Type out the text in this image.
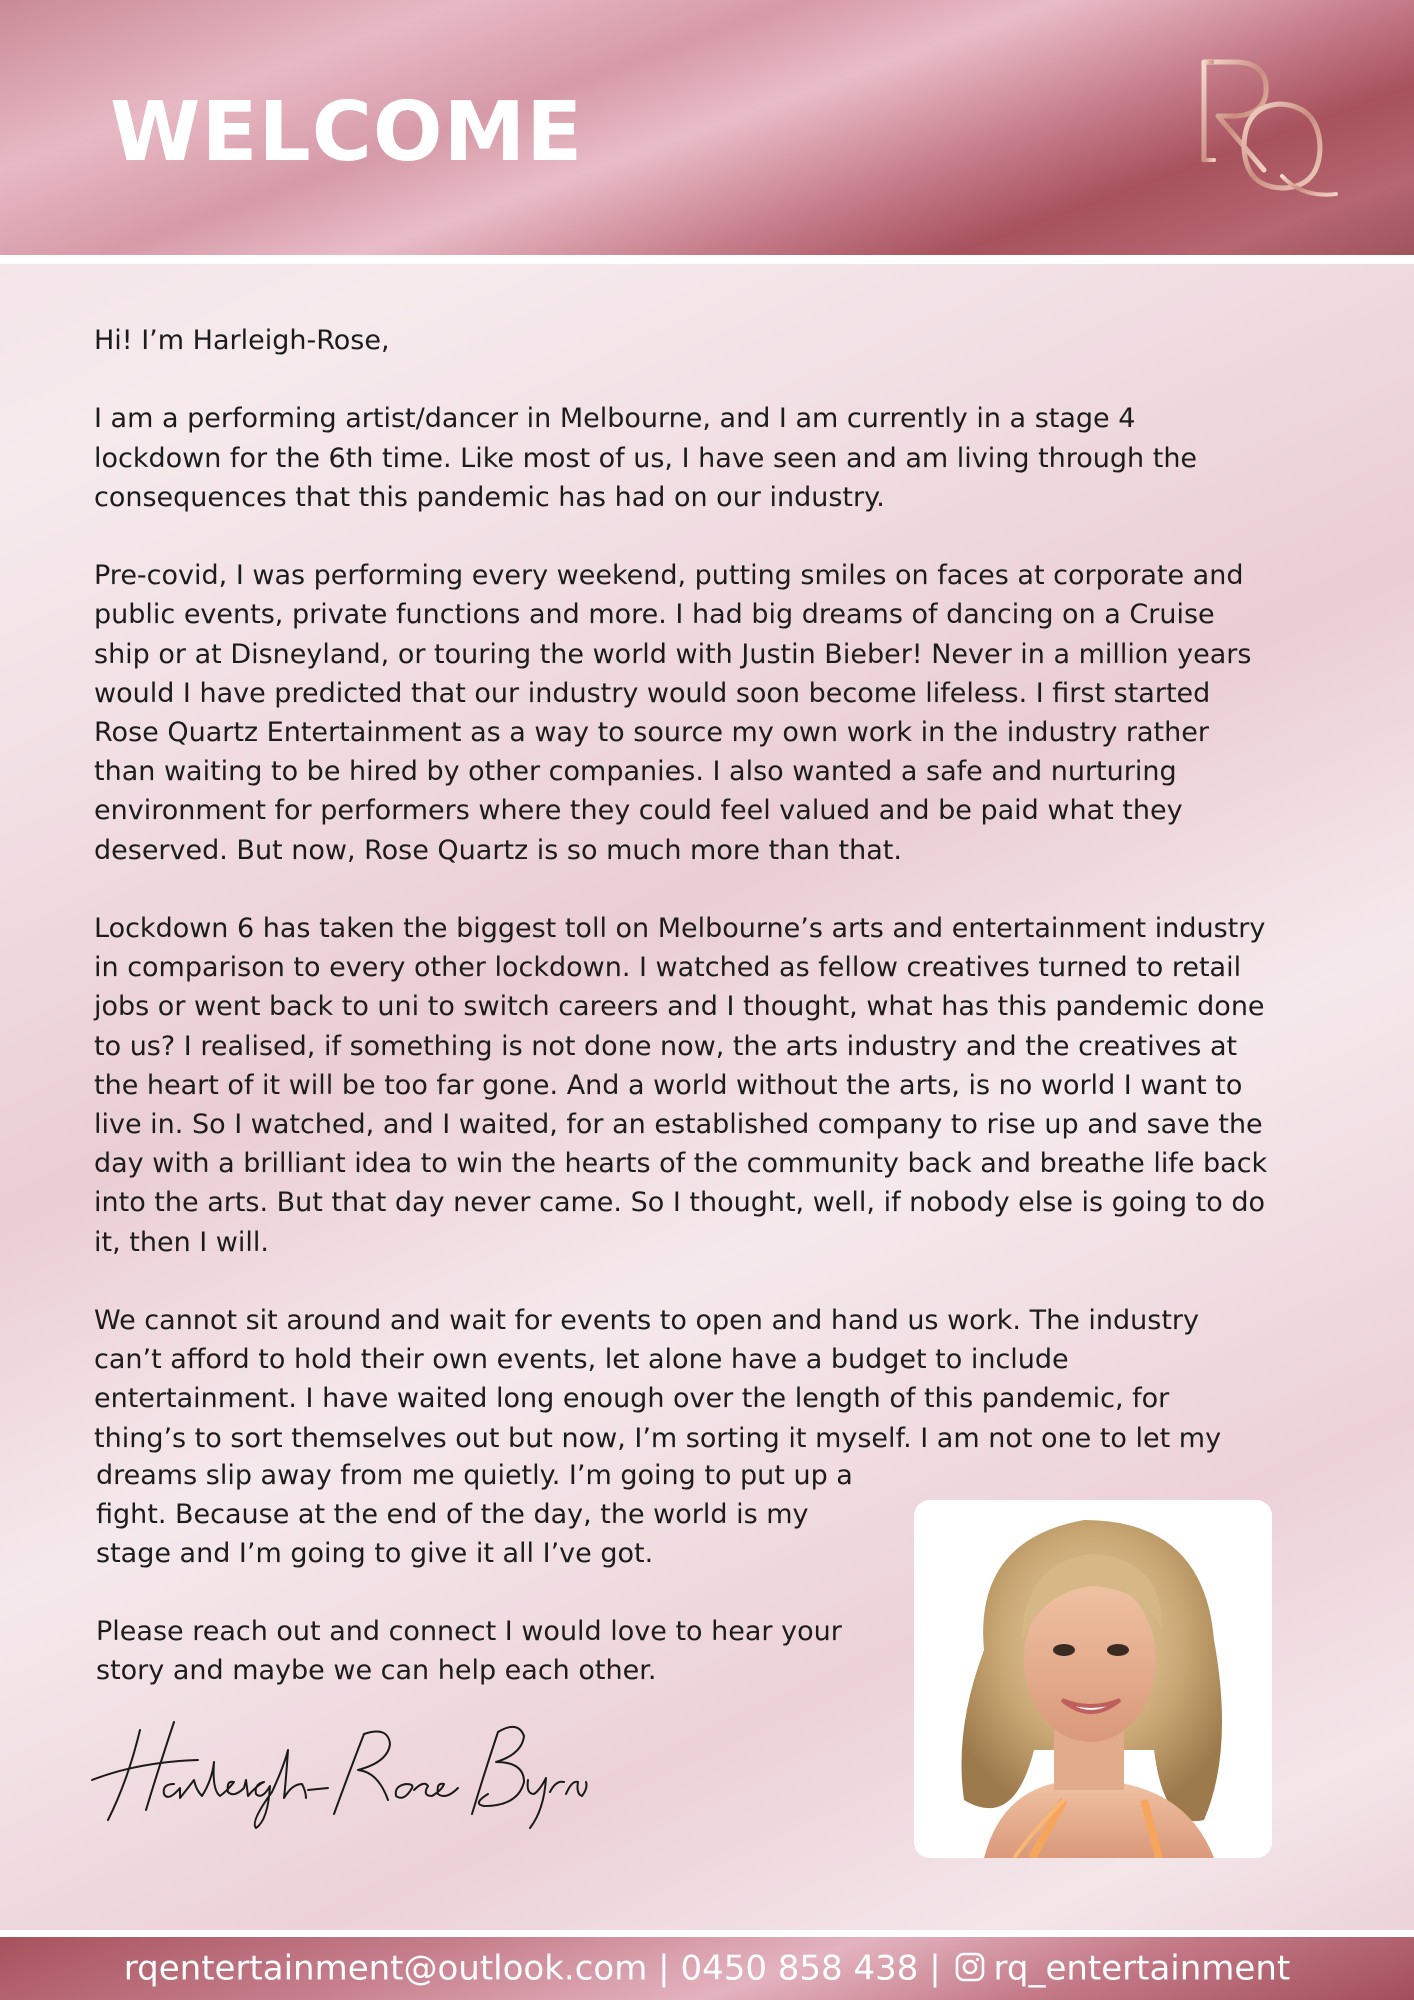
WELCOME

Hi! I’m Harleigh-Rose,

I am a performing artist/dancer in Melbourne, and I am currently in a stage 4 lockdown for the 6th time. Like most of us, I have seen and am living through the consequences that this pandemic has had on our industry.

Pre-covid, I was performing every weekend, putting smiles on faces at corporate and public events, private functions and more. I had big dreams of dancing on a Cruise ship or at Disneyland, or touring the world with Justin Bieber! Never in a million years would I have predicted that our industry would soon become lifeless. I first started Rose Quartz Entertainment as a way to source my own work in the industry rather than waiting to be hired by other companies. I also wanted a safe and nurturing environment for performers where they could feel valued and be paid what they deserved. But now, Rose Quartz is so much more than that.

Lockdown 6 has taken the biggest toll on Melbourne’s arts and entertainment industry in comparison to every other lockdown. I watched as fellow creatives turned to retail jobs or went back to uni to switch careers and I thought, what has this pandemic done to us? I realised, if something is not done now, the arts industry and the creatives at the heart of it will be too far gone. And a world without the arts, is no world I want to live in. So I watched, and I waited, for an established company to rise up and save the day with a brilliant idea to win the hearts of the community back and breathe life back into the arts. But that day never came. So I thought, well, if nobody else is going to do it, then I will.

We cannot sit around and wait for events to open and hand us work. The industry can’t afford to hold their own events, let alone have a budget to include entertainment. I have waited long enough over the length of this pandemic, for thing’s to sort themselves out but now, I’m sorting it myself. I am not one to let my

dreams slip away from me quietly. I’m going to put up a fight. Because at the end of the day, the world is my stage and I’m going to give it all I’ve got.

Please reach out and connect I would love to hear your story and maybe we can help each other.

rqentertainment@outlook.com | 0450 858 438 | rq_entertainment
